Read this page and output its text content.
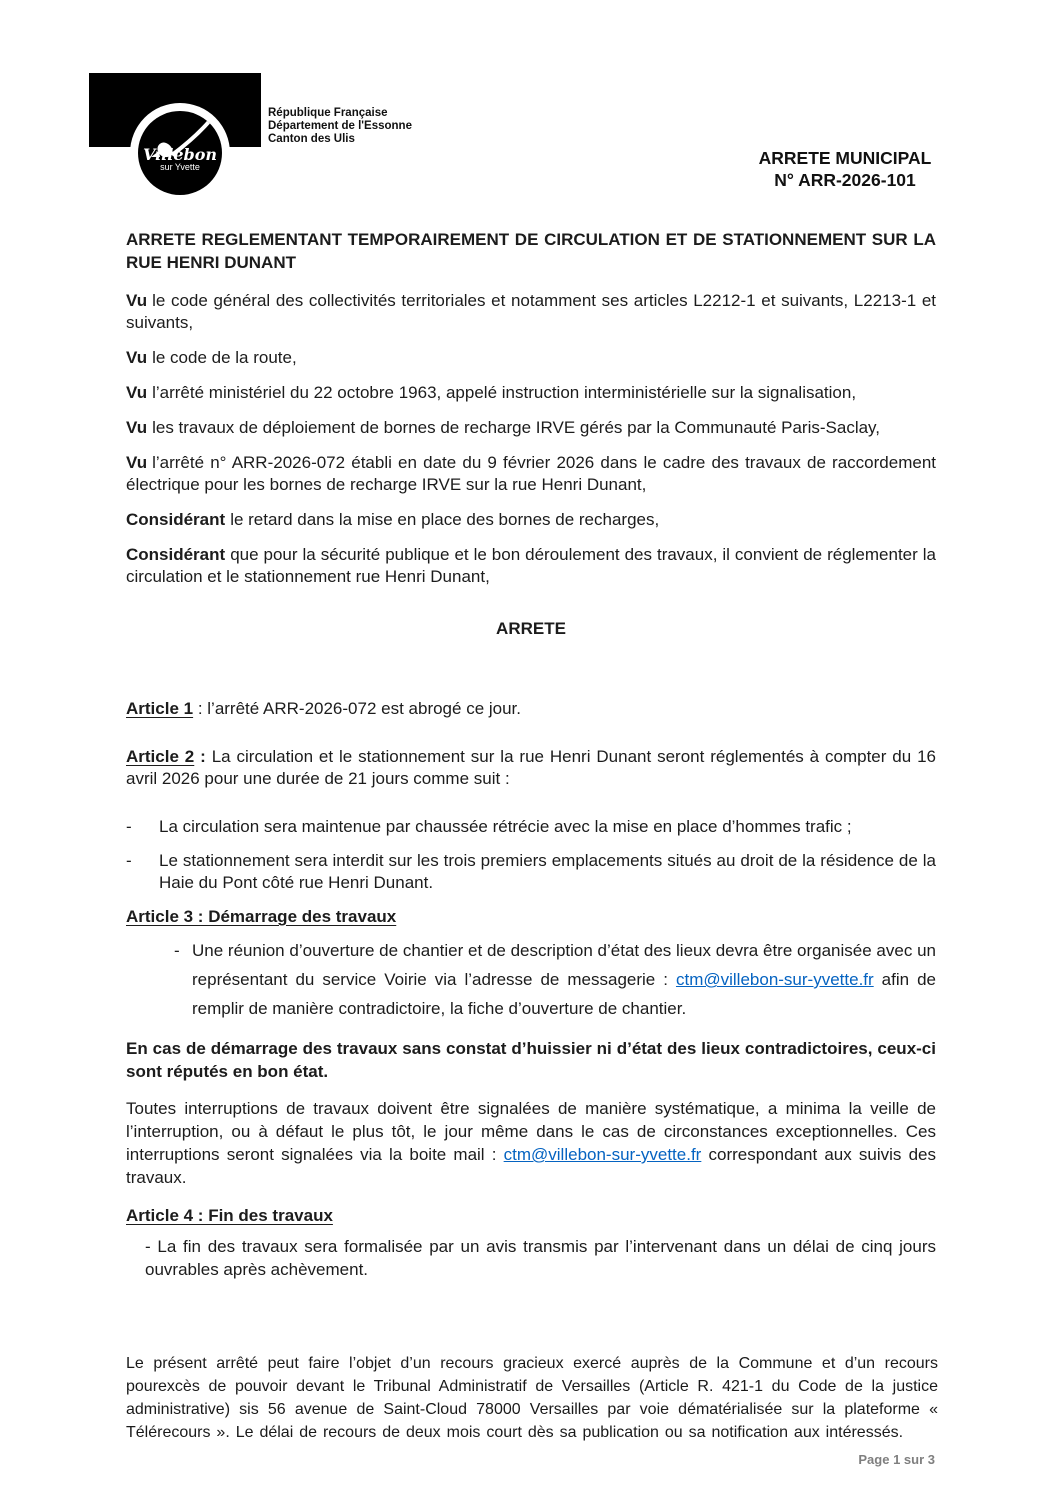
Villebon
sur Yvette
République Française
Département de l'Essonne
Canton des Ulis
ARRETE MUNICIPAL
N° ARR-2026-101
ARRETE REGLEMENTANT TEMPORAIREMENT DE CIRCULATION ET DE STATIONNEMENT SUR LA RUE HENRI DUNANT

Vu le code général des collectivités territoriales et notamment ses articles L2212-1 et suivants, L2213-1 et suivants,

Vu le code de la route,

Vu l’arrêté ministériel du 22 octobre 1963, appelé instruction interministérielle sur la signalisation,

Vu les travaux de déploiement de bornes de recharge IRVE gérés par la Communauté Paris-Saclay,

Vu l’arrêté n° ARR-2026-072 établi en date du 9 février 2026 dans le cadre des travaux de raccordement électrique pour les bornes de recharge IRVE sur la rue Henri Dunant,

Considérant le retard dans la mise en place des bornes de recharges,

Considérant que pour la sécurité publique et le bon déroulement des travaux, il convient de réglementer la circulation et le stationnement rue Henri Dunant,

ARRETE

Article 1 : l’arrêté ARR-2026-072 est abrogé ce jour.

Article 2 : La circulation et le stationnement sur la rue Henri Dunant seront réglementés à compter du 16 avril 2026 pour une durée de 21 jours comme suit :

-	La circulation sera maintenue par chaussée rétrécie avec la mise en place d’hommes trafic ;
-	Le stationnement sera interdit sur les trois premiers emplacements situés au droit de la résidence de la Haie du Pont côté rue Henri Dunant.
Article 3 : Démarrage des travaux
- Une réunion d’ouverture de chantier et de description d’état des lieux devra être organisée avec un représentant du service Voirie via l’adresse de messagerie : ctm@villebon-sur-yvette.fr afin de remplir de manière contradictoire, la fiche d’ouverture de chantier.

En cas de démarrage des travaux sans constat d’huissier ni d’état des lieux contradictoires, ceux-ci sont réputés en bon état.

Toutes interruptions de travaux doivent être signalées de manière systématique, a minima la veille de l’interruption, ou à défaut le plus tôt, le jour même dans le cas de circonstances exceptionnelles. Ces interruptions seront signalées via la boite mail : ctm@villebon-sur-yvette.fr correspondant aux suivis des travaux.

Article 4 : Fin des travaux

- La fin des travaux sera formalisée par un avis transmis par l’intervenant dans un délai de cinq jours ouvrables après achèvement.

Le présent arrêté peut faire l’objet d’un recours gracieux exercé auprès de la Commune et d’un recours pourexcès de pouvoir devant le Tribunal Administratif de Versailles (Article R. 421-1 du Code de la justice administrative) sis 56 avenue de Saint-Cloud 78000 Versailles par voie dématérialisée sur la plateforme « Télérecours ». Le délai de recours de deux mois court dès sa publication ou sa notification aux intéressés.
Page 1 sur 3
